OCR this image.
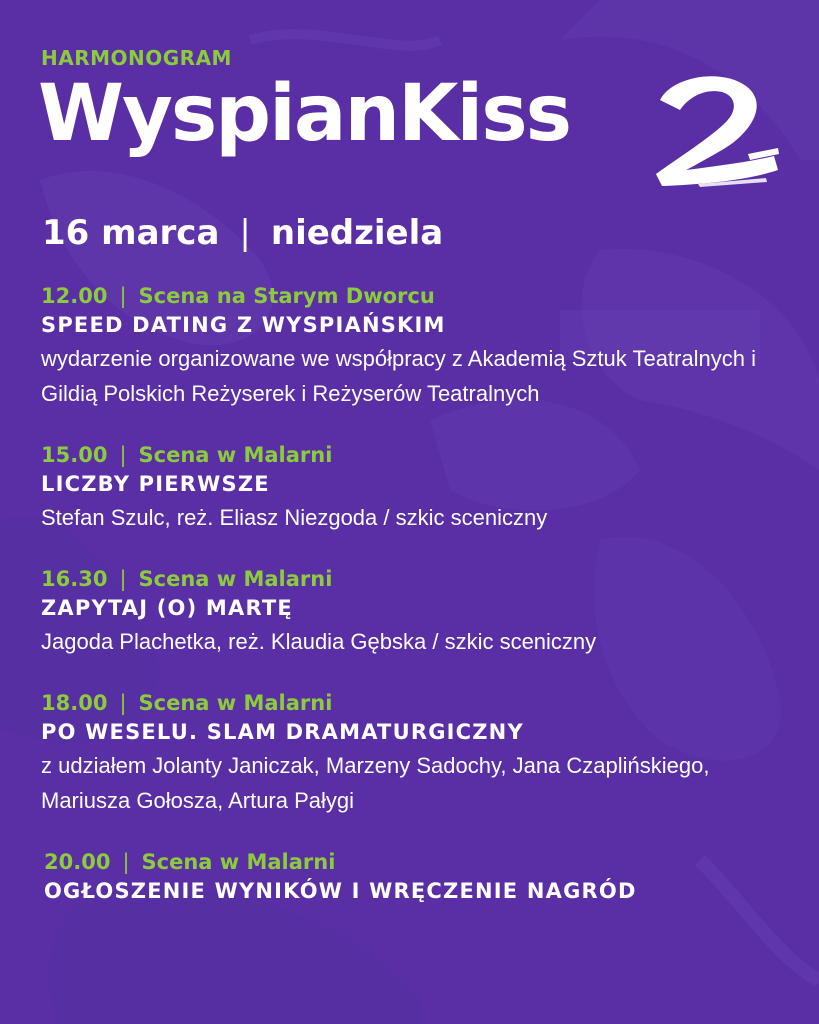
HARMONOGRAM
WyspianKiss
16 marca | niedziela
12.00 | Scena na Starym Dworcu
SPEED DATING Z WYSPIAŃSKIM
wydarzenie organizowane we współpracy z Akademią Sztuk Teatralnych i Gildią Polskich Reżyserek i Reżyserów Teatralnych
15.00 | Scena w Malarni
LICZBY PIERWSZE
Stefan Szulc, reż. Eliasz Niezgoda / szkic sceniczny
16.30 | Scena w Malarni
ZAPYTAJ (O) MARTĘ
Jagoda Plachetka, reż. Klaudia Gębska / szkic sceniczny
18.00 | Scena w Malarni
PO WESELU. SLAM DRAMATURGICZNY
z udziałem Jolanty Janiczak, Marzeny Sadochy, Jana Czaplińskiego, Mariusza Gołosza, Artura Pałygi
20.00 | Scena w Malarni
OGŁOSZENIE WYNIKÓW I WRĘCZENIE NAGRÓD
